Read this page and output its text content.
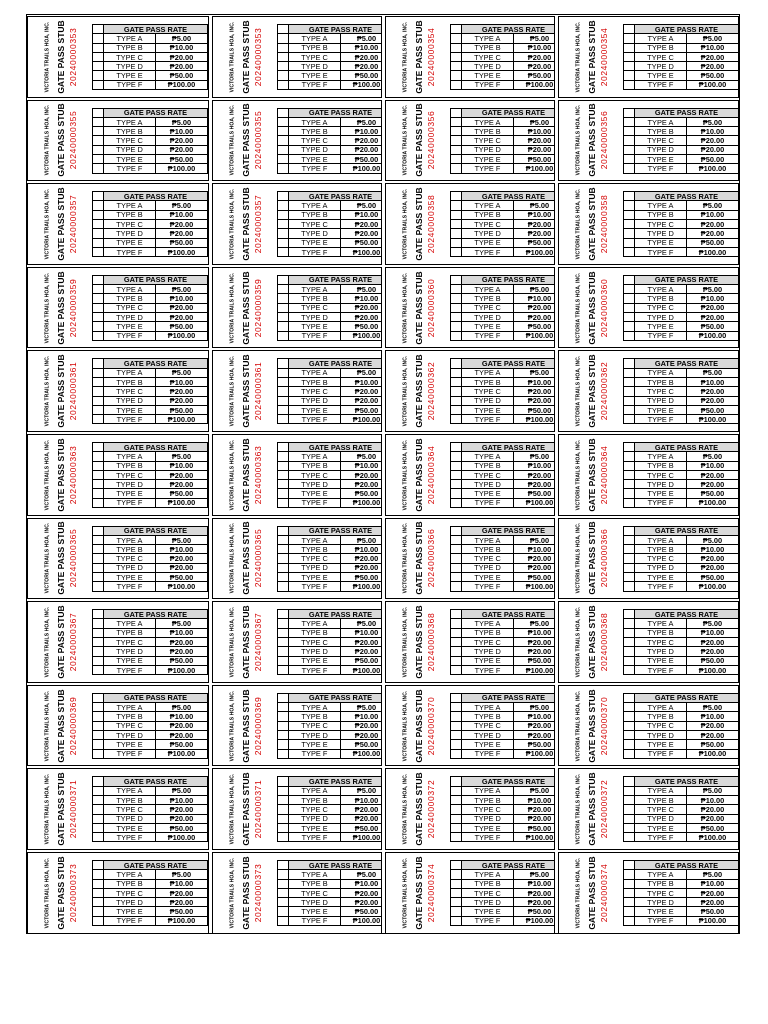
VICTORIA TRAILS HOA, INC. GATE PASS STUB 20240000353
		GATE PASS RATE	
	TYPE A	₱5.00
	TYPE B	₱10.00
	TYPE C	₱20.00
	TYPE D	₱20.00
	TYPE E	₱50.00
	TYPE F	₱100.00	VICTORIA TRAILS HOA, INC. GATE PASS STUB 20240000353
		GATE PASS RATE	
	TYPE A	₱5.00
	TYPE B	₱10.00
	TYPE C	₱20.00
	TYPE D	₱20.00
	TYPE E	₱50.00
	TYPE F	₱100.00	VICTORIA TRAILS HOA, INC. GATE PASS STUB 20240000354
		GATE PASS RATE	
	TYPE A	₱5.00
	TYPE B	₱10.00
	TYPE C	₱20.00
	TYPE D	₱20.00
	TYPE E	₱50.00
	TYPE F	₱100.00	VICTORIA TRAILS HOA, INC. GATE PASS STUB 20240000354
		GATE PASS RATE	
	TYPE A	₱5.00
	TYPE B	₱10.00
	TYPE C	₱20.00
	TYPE D	₱20.00
	TYPE E	₱50.00
	TYPE F	₱100.00
VICTORIA TRAILS HOA, INC. GATE PASS STUB 20240000355
		GATE PASS RATE	
	TYPE A	₱5.00
	TYPE B	₱10.00
	TYPE C	₱20.00
	TYPE D	₱20.00
	TYPE E	₱50.00
	TYPE F	₱100.00	VICTORIA TRAILS HOA, INC. GATE PASS STUB 20240000355
		GATE PASS RATE	
	TYPE A	₱5.00
	TYPE B	₱10.00
	TYPE C	₱20.00
	TYPE D	₱20.00
	TYPE E	₱50.00
	TYPE F	₱100.00	VICTORIA TRAILS HOA, INC. GATE PASS STUB 20240000356
		GATE PASS RATE	
	TYPE A	₱5.00
	TYPE B	₱10.00
	TYPE C	₱20.00
	TYPE D	₱20.00
	TYPE E	₱50.00
	TYPE F	₱100.00	VICTORIA TRAILS HOA, INC. GATE PASS STUB 20240000356
		GATE PASS RATE	
	TYPE A	₱5.00
	TYPE B	₱10.00
	TYPE C	₱20.00
	TYPE D	₱20.00
	TYPE E	₱50.00
	TYPE F	₱100.00
VICTORIA TRAILS HOA, INC. GATE PASS STUB 20240000357
		GATE PASS RATE	
	TYPE A	₱5.00
	TYPE B	₱10.00
	TYPE C	₱20.00
	TYPE D	₱20.00
	TYPE E	₱50.00
	TYPE F	₱100.00	VICTORIA TRAILS HOA, INC. GATE PASS STUB 20240000357
		GATE PASS RATE	
	TYPE A	₱5.00
	TYPE B	₱10.00
	TYPE C	₱20.00
	TYPE D	₱20.00
	TYPE E	₱50.00
	TYPE F	₱100.00	VICTORIA TRAILS HOA, INC. GATE PASS STUB 20240000358
		GATE PASS RATE	
	TYPE A	₱5.00
	TYPE B	₱10.00
	TYPE C	₱20.00
	TYPE D	₱20.00
	TYPE E	₱50.00
	TYPE F	₱100.00	VICTORIA TRAILS HOA, INC. GATE PASS STUB 20240000358
		GATE PASS RATE	
	TYPE A	₱5.00
	TYPE B	₱10.00
	TYPE C	₱20.00
	TYPE D	₱20.00
	TYPE E	₱50.00
	TYPE F	₱100.00
VICTORIA TRAILS HOA, INC. GATE PASS STUB 20240000359
		GATE PASS RATE	
	TYPE A	₱5.00
	TYPE B	₱10.00
	TYPE C	₱20.00
	TYPE D	₱20.00
	TYPE E	₱50.00
	TYPE F	₱100.00	VICTORIA TRAILS HOA, INC. GATE PASS STUB 20240000359
		GATE PASS RATE	
	TYPE A	₱5.00
	TYPE B	₱10.00
	TYPE C	₱20.00
	TYPE D	₱20.00
	TYPE E	₱50.00
	TYPE F	₱100.00	VICTORIA TRAILS HOA, INC. GATE PASS STUB 20240000360
		GATE PASS RATE	
	TYPE A	₱5.00
	TYPE B	₱10.00
	TYPE C	₱20.00
	TYPE D	₱20.00
	TYPE E	₱50.00
	TYPE F	₱100.00	VICTORIA TRAILS HOA, INC. GATE PASS STUB 20240000360
		GATE PASS RATE	
	TYPE A	₱5.00
	TYPE B	₱10.00
	TYPE C	₱20.00
	TYPE D	₱20.00
	TYPE E	₱50.00
	TYPE F	₱100.00
VICTORIA TRAILS HOA, INC. GATE PASS STUB 20240000361
		GATE PASS RATE	
	TYPE A	₱5.00
	TYPE B	₱10.00
	TYPE C	₱20.00
	TYPE D	₱20.00
	TYPE E	₱50.00
	TYPE F	₱100.00	VICTORIA TRAILS HOA, INC. GATE PASS STUB 20240000361
		GATE PASS RATE	
	TYPE A	₱5.00
	TYPE B	₱10.00
	TYPE C	₱20.00
	TYPE D	₱20.00
	TYPE E	₱50.00
	TYPE F	₱100.00	VICTORIA TRAILS HOA, INC. GATE PASS STUB 20240000362
		GATE PASS RATE	
	TYPE A	₱5.00
	TYPE B	₱10.00
	TYPE C	₱20.00
	TYPE D	₱20.00
	TYPE E	₱50.00
	TYPE F	₱100.00	VICTORIA TRAILS HOA, INC. GATE PASS STUB 20240000362
		GATE PASS RATE	
	TYPE A	₱5.00
	TYPE B	₱10.00
	TYPE C	₱20.00
	TYPE D	₱20.00
	TYPE E	₱50.00
	TYPE F	₱100.00
VICTORIA TRAILS HOA, INC. GATE PASS STUB 20240000363
		GATE PASS RATE	
	TYPE A	₱5.00
	TYPE B	₱10.00
	TYPE C	₱20.00
	TYPE D	₱20.00
	TYPE E	₱50.00
	TYPE F	₱100.00	VICTORIA TRAILS HOA, INC. GATE PASS STUB 20240000363
		GATE PASS RATE	
	TYPE A	₱5.00
	TYPE B	₱10.00
	TYPE C	₱20.00
	TYPE D	₱20.00
	TYPE E	₱50.00
	TYPE F	₱100.00	VICTORIA TRAILS HOA, INC. GATE PASS STUB 20240000364
		GATE PASS RATE	
	TYPE A	₱5.00
	TYPE B	₱10.00
	TYPE C	₱20.00
	TYPE D	₱20.00
	TYPE E	₱50.00
	TYPE F	₱100.00	VICTORIA TRAILS HOA, INC. GATE PASS STUB 20240000364
		GATE PASS RATE	
	TYPE A	₱5.00
	TYPE B	₱10.00
	TYPE C	₱20.00
	TYPE D	₱20.00
	TYPE E	₱50.00
	TYPE F	₱100.00
VICTORIA TRAILS HOA, INC. GATE PASS STUB 20240000365
		GATE PASS RATE	
	TYPE A	₱5.00
	TYPE B	₱10.00
	TYPE C	₱20.00
	TYPE D	₱20.00
	TYPE E	₱50.00
	TYPE F	₱100.00	VICTORIA TRAILS HOA, INC. GATE PASS STUB 20240000365
		GATE PASS RATE	
	TYPE A	₱5.00
	TYPE B	₱10.00
	TYPE C	₱20.00
	TYPE D	₱20.00
	TYPE E	₱50.00
	TYPE F	₱100.00	VICTORIA TRAILS HOA, INC. GATE PASS STUB 20240000366
		GATE PASS RATE	
	TYPE A	₱5.00
	TYPE B	₱10.00
	TYPE C	₱20.00
	TYPE D	₱20.00
	TYPE E	₱50.00
	TYPE F	₱100.00	VICTORIA TRAILS HOA, INC. GATE PASS STUB 20240000366
		GATE PASS RATE	
	TYPE A	₱5.00
	TYPE B	₱10.00
	TYPE C	₱20.00
	TYPE D	₱20.00
	TYPE E	₱50.00
	TYPE F	₱100.00
VICTORIA TRAILS HOA, INC. GATE PASS STUB 20240000367
		GATE PASS RATE	
	TYPE A	₱5.00
	TYPE B	₱10.00
	TYPE C	₱20.00
	TYPE D	₱20.00
	TYPE E	₱50.00
	TYPE F	₱100.00	VICTORIA TRAILS HOA, INC. GATE PASS STUB 20240000367
		GATE PASS RATE	
	TYPE A	₱5.00
	TYPE B	₱10.00
	TYPE C	₱20.00
	TYPE D	₱20.00
	TYPE E	₱50.00
	TYPE F	₱100.00	VICTORIA TRAILS HOA, INC. GATE PASS STUB 20240000368
		GATE PASS RATE	
	TYPE A	₱5.00
	TYPE B	₱10.00
	TYPE C	₱20.00
	TYPE D	₱20.00
	TYPE E	₱50.00
	TYPE F	₱100.00	VICTORIA TRAILS HOA, INC. GATE PASS STUB 20240000368
		GATE PASS RATE	
	TYPE A	₱5.00
	TYPE B	₱10.00
	TYPE C	₱20.00
	TYPE D	₱20.00
	TYPE E	₱50.00
	TYPE F	₱100.00
VICTORIA TRAILS HOA, INC. GATE PASS STUB 20240000369
		GATE PASS RATE	
	TYPE A	₱5.00
	TYPE B	₱10.00
	TYPE C	₱20.00
	TYPE D	₱20.00
	TYPE E	₱50.00
	TYPE F	₱100.00	VICTORIA TRAILS HOA, INC. GATE PASS STUB 20240000369
		GATE PASS RATE	
	TYPE A	₱5.00
	TYPE B	₱10.00
	TYPE C	₱20.00
	TYPE D	₱20.00
	TYPE E	₱50.00
	TYPE F	₱100.00	VICTORIA TRAILS HOA, INC. GATE PASS STUB 20240000370
		GATE PASS RATE	
	TYPE A	₱5.00
	TYPE B	₱10.00
	TYPE C	₱20.00
	TYPE D	₱20.00
	TYPE E	₱50.00
	TYPE F	₱100.00	VICTORIA TRAILS HOA, INC. GATE PASS STUB 20240000370
		GATE PASS RATE	
	TYPE A	₱5.00
	TYPE B	₱10.00
	TYPE C	₱20.00
	TYPE D	₱20.00
	TYPE E	₱50.00
	TYPE F	₱100.00
VICTORIA TRAILS HOA, INC. GATE PASS STUB 20240000371
		GATE PASS RATE	
	TYPE A	₱5.00
	TYPE B	₱10.00
	TYPE C	₱20.00
	TYPE D	₱20.00
	TYPE E	₱50.00
	TYPE F	₱100.00	VICTORIA TRAILS HOA, INC. GATE PASS STUB 20240000371
		GATE PASS RATE	
	TYPE A	₱5.00
	TYPE B	₱10.00
	TYPE C	₱20.00
	TYPE D	₱20.00
	TYPE E	₱50.00
	TYPE F	₱100.00	VICTORIA TRAILS HOA, INC. GATE PASS STUB 20240000372
		GATE PASS RATE	
	TYPE A	₱5.00
	TYPE B	₱10.00
	TYPE C	₱20.00
	TYPE D	₱20.00
	TYPE E	₱50.00
	TYPE F	₱100.00	VICTORIA TRAILS HOA, INC. GATE PASS STUB 20240000372
		GATE PASS RATE	
	TYPE A	₱5.00
	TYPE B	₱10.00
	TYPE C	₱20.00
	TYPE D	₱20.00
	TYPE E	₱50.00
	TYPE F	₱100.00
VICTORIA TRAILS HOA, INC. GATE PASS STUB 20240000373
		GATE PASS RATE	
	TYPE A	₱5.00
	TYPE B	₱10.00
	TYPE C	₱20.00
	TYPE D	₱20.00
	TYPE E	₱50.00
	TYPE F	₱100.00	VICTORIA TRAILS HOA, INC. GATE PASS STUB 20240000373
		GATE PASS RATE	
	TYPE A	₱5.00
	TYPE B	₱10.00
	TYPE C	₱20.00
	TYPE D	₱20.00
	TYPE E	₱50.00
	TYPE F	₱100.00	VICTORIA TRAILS HOA, INC. GATE PASS STUB 20240000374
		GATE PASS RATE	
	TYPE A	₱5.00
	TYPE B	₱10.00
	TYPE C	₱20.00
	TYPE D	₱20.00
	TYPE E	₱50.00
	TYPE F	₱100.00	VICTORIA TRAILS HOA, INC. GATE PASS STUB 20240000374
		GATE PASS RATE	
	TYPE A	₱5.00
	TYPE B	₱10.00
	TYPE C	₱20.00
	TYPE D	₱20.00
	TYPE E	₱50.00
	TYPE F	₱100.00
